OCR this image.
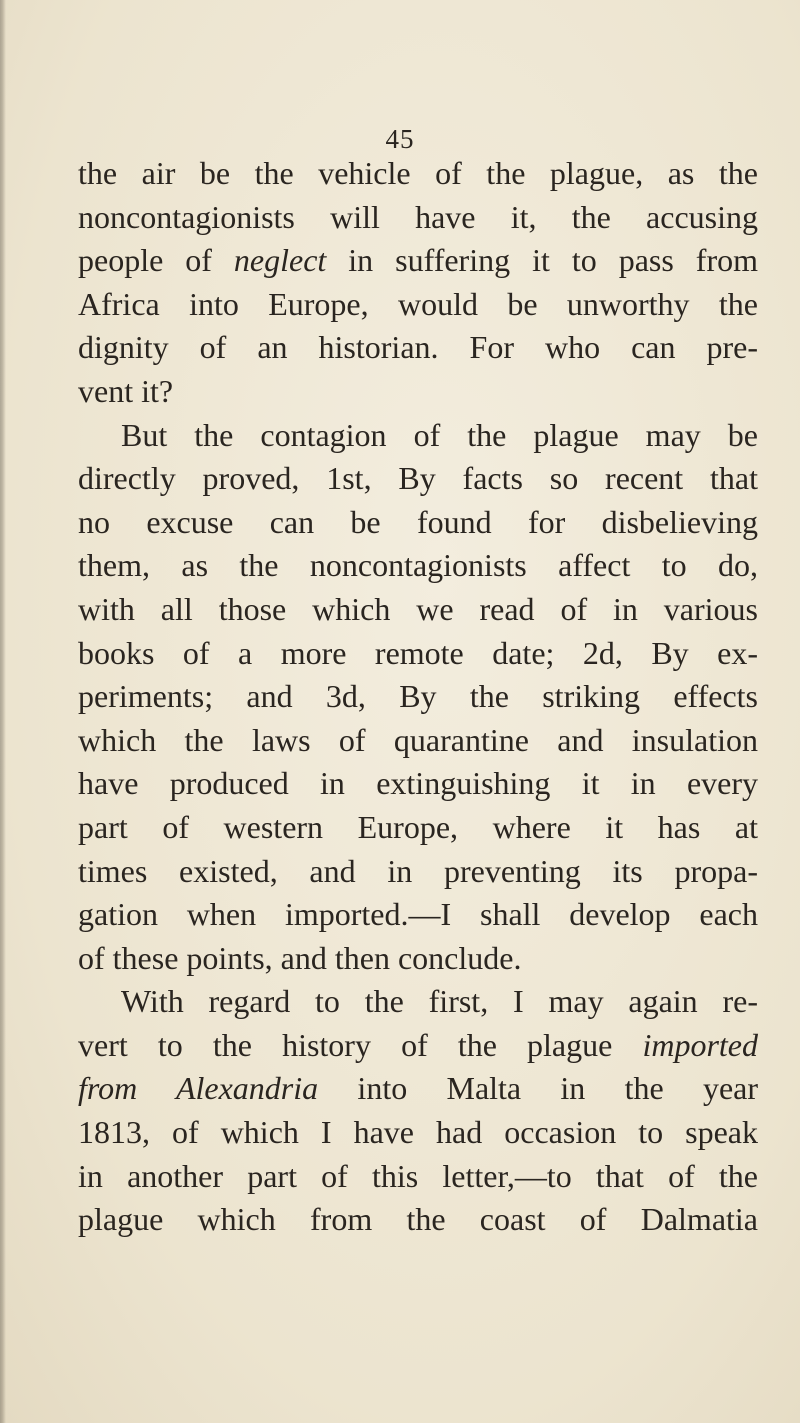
45
the air be the vehicle of the plague, as the
noncontagionists will have it, the accusing
people of neglect in suffering it to pass from
Africa into Europe, would be unworthy the
dignity of an historian. For who can pre-
vent it?
But the contagion of the plague may be
directly proved, 1st, By facts so recent that
no excuse can be found for disbelieving
them, as the noncontagionists affect to do,
with all those which we read of in various
books of a more remote date; 2d, By ex-
periments; and 3d, By the striking effects
which the laws of quarantine and insulation
have produced in extinguishing it in every
part of western Europe, where it has at
times existed, and in preventing its propa-
gation when imported.—I shall develop each
of these points, and then conclude.
With regard to the first, I may again re-
vert to the history of the plague imported
from Alexandria into Malta in the year
1813, of which I have had occasion to speak
in another part of this letter,—to that of the
plague which from the coast of Dalmatia
